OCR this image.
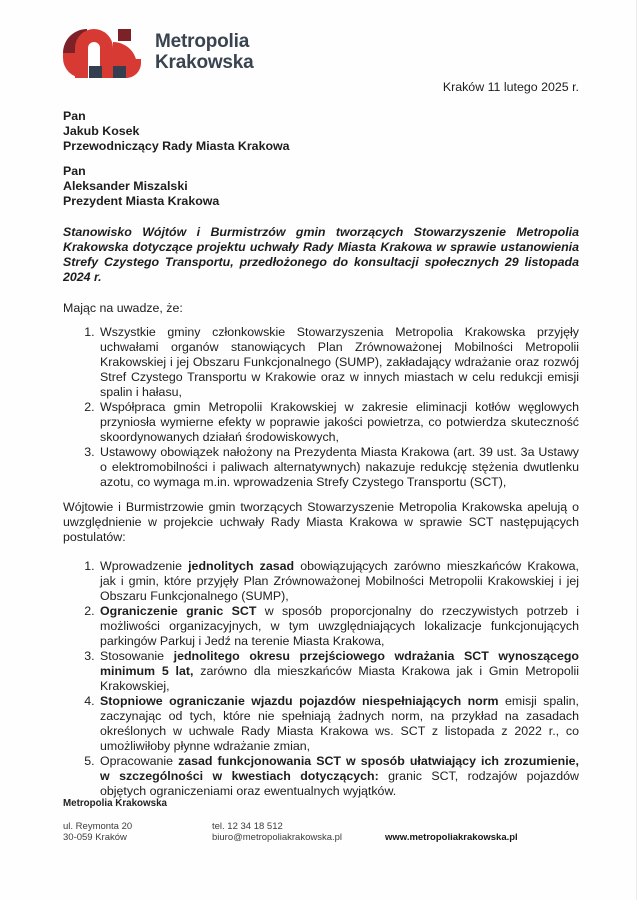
Metropolia
Krakowska
Kraków 11 lutego 2025 r.
Pan
Jakub Kosek
Przewodniczący Rady Miasta Krakowa
Pan
Aleksander Miszalski
Prezydent Miasta Krakowa

Stanowisko Wójtów i Burmistrzów gmin tworzących Stowarzyszenie Metropolia Krakowska dotyczące projektu uchwały Rady Miasta Krakowa w sprawie ustanowienia Strefy Czystego Transportu, przedłożonego do konsultacji społecznych 29 listopada 2024 r.

Mając na uwadze, że:

1. Wszystkie gminy członkowskie Stowarzyszenia Metropolia Krakowska przyjęły uchwałami organów stanowiących Plan Zrównoważonej Mobilności Metropolii Krakowskiej i jej Obszaru Funkcjonalnego (SUMP), zakładający wdrażanie oraz rozwój Stref Czystego Transportu w Krakowie oraz w innych miastach w celu redukcji emisji spalin i hałasu,
2. Współpraca gmin Metropolii Krakowskiej w zakresie eliminacji kotłów węglowych przyniosła wymierne efekty w poprawie jakości powietrza, co potwierdza skuteczność skoordynowanych działań środowiskowych,
3. Ustawowy obowiązek nałożony na Prezydenta Miasta Krakowa (art. 39 ust. 3a Ustawy o elektromobilności i paliwach alternatywnych) nakazuje redukcję stężenia dwutlenku azotu, co wymaga m.in. wprowadzenia Strefy Czystego Transportu (SCT),

Wójtowie i Burmistrzowie gmin tworzących Stowarzyszenie Metropolia Krakowska apelują o uwzględnienie w projekcie uchwały Rady Miasta Krakowa w sprawie SCT następujących postulatów:

1. Wprowadzenie jednolitych zasad obowiązujących zarówno mieszkańców Krakowa, jak i gmin, które przyjęły Plan Zrównoważonej Mobilności Metropolii Krakowskiej i jej Obszaru Funkcjonalnego (SUMP),
2. Ograniczenie granic SCT w sposób proporcjonalny do rzeczywistych potrzeb i możliwości organizacyjnych, w tym uwzględniających lokalizacje funkcjonujących parkingów Parkuj i Jedź na terenie Miasta Krakowa,
3. Stosowanie jednolitego okresu przejściowego wdrażania SCT wynoszącego minimum 5 lat, zarówno dla mieszkańców Miasta Krakowa jak i Gmin Metropolii Krakowskiej,
4. Stopniowe ograniczanie wjazdu pojazdów niespełniających norm emisji spalin, zaczynając od tych, które nie spełniają żadnych norm, na przykład na zasadach określonych w uchwale Rady Miasta Krakowa ws. SCT z listopada z 2022 r., co umożliwiłoby płynne wdrażanie zmian,
5. Opracowanie zasad funkcjonowania SCT w sposób ułatwiający ich zrozumienie, w szczególności w kwestiach dotyczących: granic SCT, rodzajów pojazdów objętych ograniczeniami oraz ewentualnych wyjątków.
Metropolia Krakowska
ul. Reymonta 20
30-059 Kraków
tel. 12 34 18 512
biuro@metropoliakrakowska.pl	www.metropoliakrakowska.pl
